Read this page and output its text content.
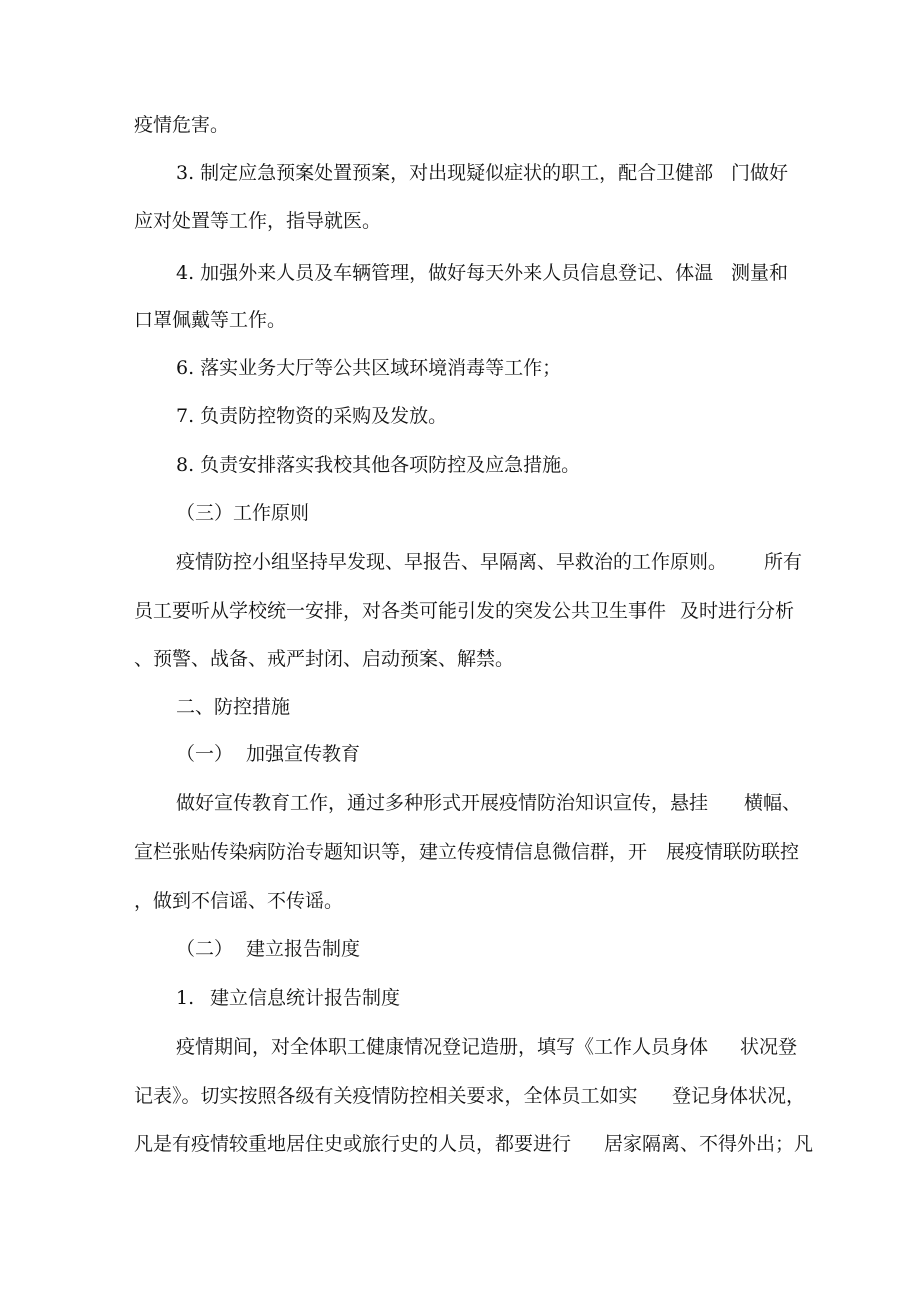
疫情危害。

3. 制定应急预案处置预案，对出现疑似症状的职工，配合卫健部

门做好

应对处置等工作，指导就医。

4. 加强外来人员及车辆管理，做好每天外来人员信息登记、体温

测量和

口罩佩戴等工作。

6. 落实业务大厅等公共区域环境消毒等工作；

7. 负责防控物资的采购及发放。

8. 负责安排落实我校其他各项防控及应急措施。

（三）工作原则

疫情防控小组坚持早发现、早报告、早隔离、早救治的工作原则。

所有

员工要听从学校统一安排，对各类可能引发的突发公共卫生事件

及时进行分析

、预警、战备、戒严封闭、启动预案、解禁。

二、防控措施

（一）

加强宣传教育

做好宣传教育工作，通过多种形式开展疫情防治知识宣传，悬挂

横幅、

宣栏张贴传染病防治专题知识等，建立传疫情信息微信群，开

展疫情联防联控

，做到不信谣、不传谣。

（二）

建立报告制度

1.

建立信息统计报告制度

疫情期间，对全体职工健康情况登记造册，填写《工作人员身体

状况登

记表》。切实按照各级有关疫情防控相关要求，全体员工如实

登记身体状况，

凡是有疫情较重地居住史或旅行史的人员，都要进行

居家隔离、不得外出；凡
